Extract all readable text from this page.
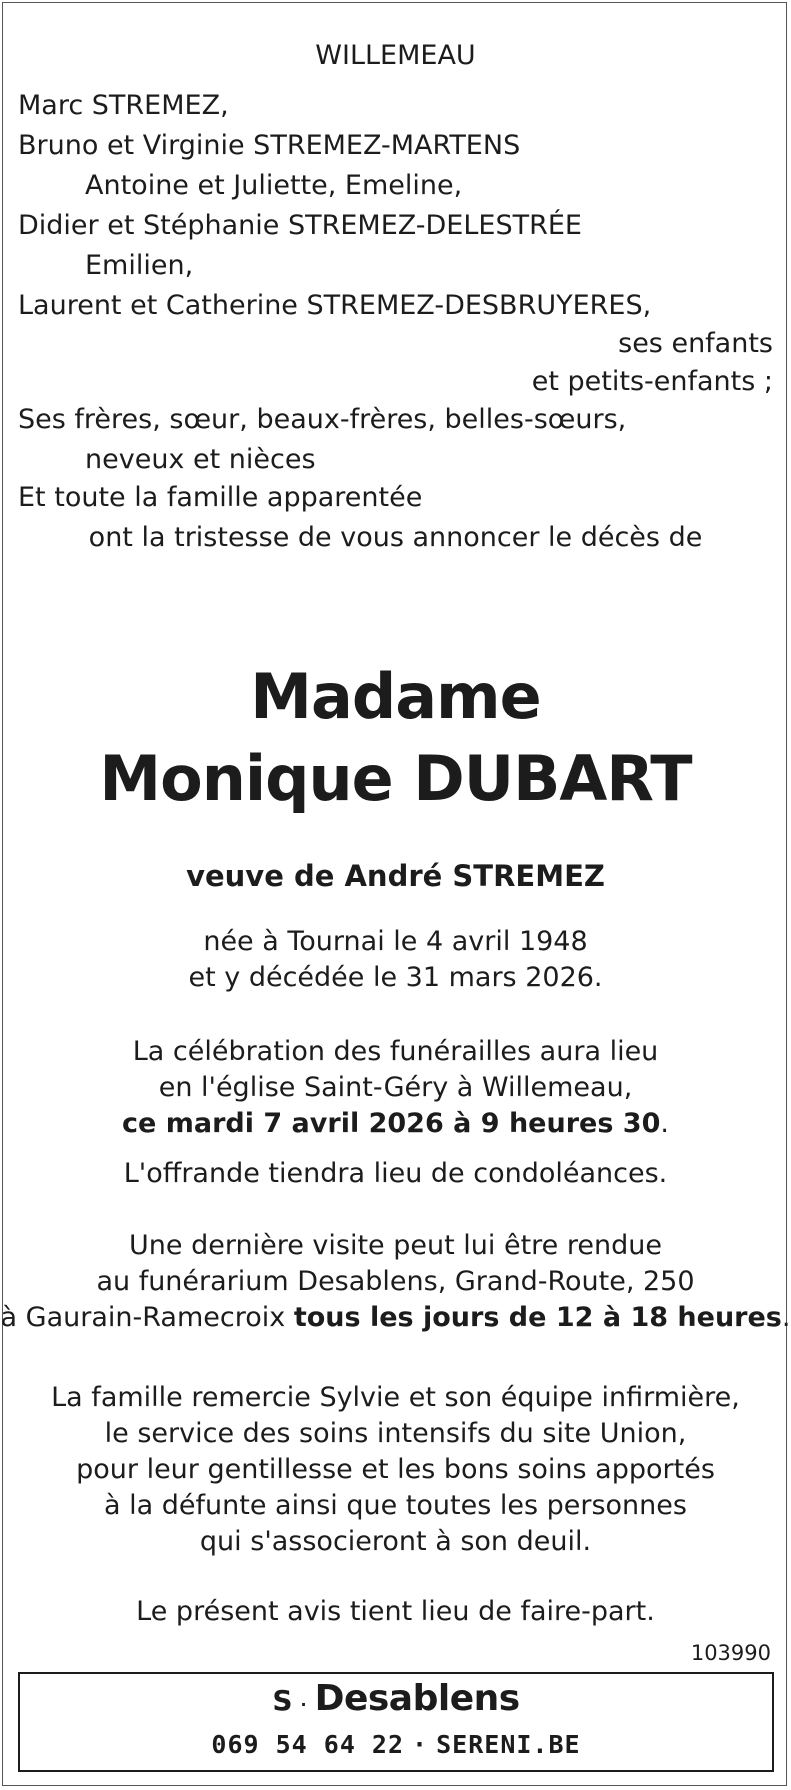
WILLEMEAU
Marc STREMEZ,
Bruno et Virginie STREMEZ-MARTENS
Antoine et Juliette, Emeline,
Didier et Stéphanie STREMEZ-DELESTRÉE
Emilien,
Laurent et Catherine STREMEZ-DESBRUYERES,
ses enfants
et petits-enfants ;
Ses frères, sœur, beaux-frères, belles-sœurs,
neveux et nièces
Et toute la famille apparentée
ont la tristesse de vous annoncer le décès de
Madame
Monique DUBART
veuve de André STREMEZ
née à Tournai le 4 avril 1948
et y décédée le 31 mars 2026.
La célébration des funérailles aura lieu
en l'église Saint-Géry à Willemeau,
ce mardi 7 avril 2026 à 9 heures 30.
L'offrande tiendra lieu de condoléances.
Une dernière visite peut lui être rendue
au funérarium Desablens, Grand-Route, 250
à Gaurain-Ramecroix tous les jours de 12 à 18 heures.
La famille remercie Sylvie et son équipe infirmière,
le service des soins intensifs du site Union,
pour leur gentillesse et les bons soins apportés
à la défunte ainsi que toutes les personnes
qui s'associeront à son deuil.
Le présent avis tient lieu de faire-part.
103990
S · Desablens
069 54 64 22 · SERENI.BE
